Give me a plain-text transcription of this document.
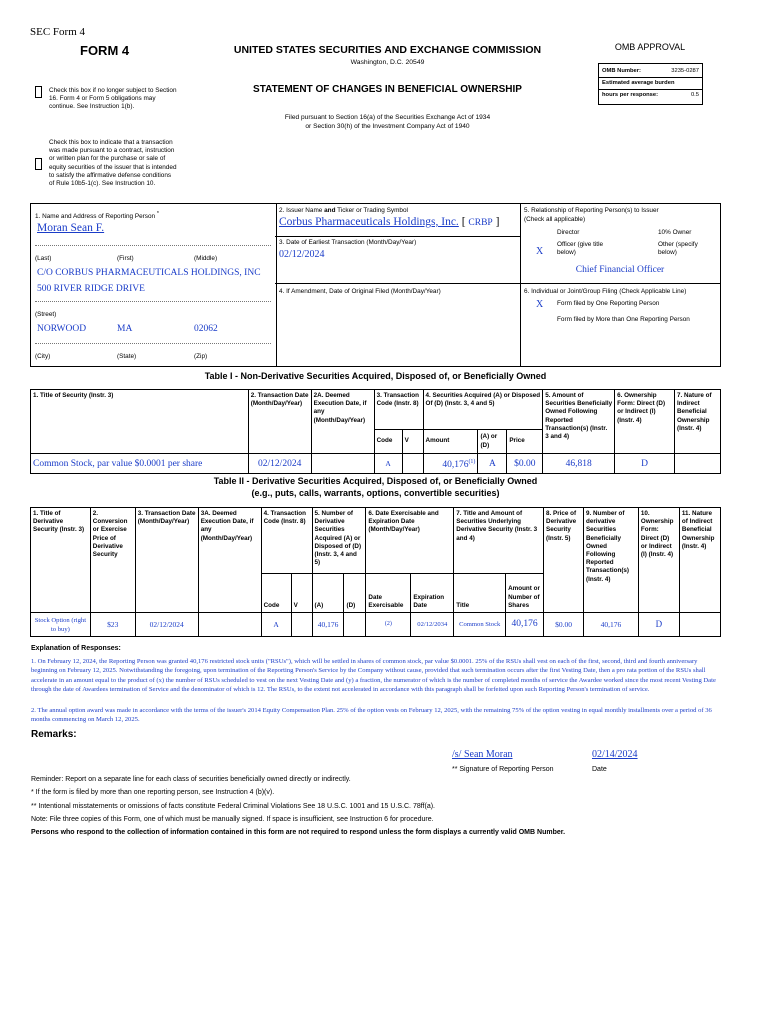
SEC Form 4
FORM 4	UNITED STATES SECURITIES AND EXCHANGE COMMISSION
Washington, D.C. 20549
Check this box if no longer subject to Section 16. Form 4 or Form 5 obligations may continue. See Instruction 1(b).
STATEMENT OF CHANGES IN BENEFICIAL OWNERSHIP
Filed pursuant to Section 16(a) of the Securities Exchange Act of 1934
or Section 30(h) of the Investment Company Act of 1940
OMB APPROVAL
OMB Number:	3235-0287
Estimated average burden
hours per response:	0.5
Check this box to indicate that a transaction was made pursuant to a contract, instruction or written plan for the purchase or sale of equity securities of the issuer that is intended to satisfy the affirmative defense conditions of Rule 10b5-1(c). See Instruction 10.
1. Name and Address of Reporting Person *
Moran Sean F.
(Last)	(First)	(Middle)
C/O CORBUS PHARMACEUTICALS HOLDINGS, INC
500 RIVER RIDGE DRIVE
(Street)
NORWOOD	MA	02062
(City)	(State)	(Zip)
2. Issuer Name and Ticker or Trading Symbol
Corbus Pharmaceuticals Holdings, Inc. [ CRBP ]
3. Date of Earliest Transaction (Month/Day/Year)
02/12/2024
4. If Amendment, Date of Original Filed (Month/Day/Year)
5. Relationship of Reporting Person(s) to Issuer
(Check all applicable)
Director	10% Owner
X
Officer (give title
below)
Other (specify
below)
Chief Financial Officer
6. Individual or Joint/Group Filing (Check Applicable Line)
X Form filed by One Reporting Person
Form filed by More than One Reporting Person
Table I - Non-Derivative Securities Acquired, Disposed of, or Beneficially Owned
1. Title of Security (Instr. 3)	2. Transaction Date (Month/Day/Year)	2A. Deemed Execution Date, if any (Month/Day/Year)	3. Transaction Code (Instr. 8)		4. Securities Acquired (A) or Disposed Of (D) (Instr. 3, 4 and 5)			5. Amount of Securities Beneficially Owned Following Reported Transaction(s) (Instr. 3 and 4)	6. Ownership Form: Direct (D) or Indirect (I) (Instr. 4)	7. Nature of Indirect Beneficial Ownership (Instr. 4)
			Code	V	Amount	(A) or (D)	Price			
Common Stock, par value $0.0001 per share	02/12/2024		A		40,176$^{(1)}$	A	$0.00	46,818	D	
Table II - Derivative Securities Acquired, Disposed of, or Beneficially Owned
(e.g., puts, calls, warrants, options, convertible securities)
1. Title of Derivative Security (Instr. 3)	2. Conversion or Exercise Price of Derivative Security	3. Transaction Date (Month/Day/Year)	3A. Deemed Execution Date, if any (Month/Day/Year)	4. Transaction Code (Instr. 8)		5. Number of Derivative Securities Acquired (A) or Disposed of (D) (Instr. 3, 4 and 5)		6. Date Exercisable and Expiration Date (Month/Day/Year)		7. Title and Amount of Securities Underlying Derivative Security (Instr. 3 and 4)		8. Price of Derivative Security (Instr. 5)	9. Number of derivative Securities Beneficially Owned Following Reported Transaction(s) (Instr. 4)	10. Ownership Form: Direct (D) or Indirect (I) (Instr. 4)	11. Nature of Indirect Beneficial Ownership (Instr. 4)
				Code	V	(A)	(D)	Date Exercisable	Expiration Date	Title	Amount or Number of Shares				
Stock Option (right to buy)	$23	02/12/2024		A		40,176		(2)	02/12/2034	Common Stock	40,176	$0.00	40,176	D	
Explanation of Responses:
1. On February 12, 2024, the Reporting Person was granted 40,176 restricted stock units ("RSUs"), which will be settled in shares of common stock, par value $0.0001. 25% of the RSUs shall vest on each of the first, second, third and fourth anniversary beginning on February 12, 2025. Notwithstanding the foregoing, upon termination of the Reporting Person's Service by the Company without cause, provided that such termination occurs after the first Vesting Date, then a pro rata portion of the RSUs shall accelerate in an amount equal to the product of (x) the number of RSUs scheduled to vest on the next Vesting Date and (y) a fraction, the numerator of which is the number of completed months of service the Awardee worked since the most recent Vesting Date through the date of Awardees termination of Service and the denominator of which is 12. The RSUs, to the extent not accelerated in accordance with this paragraph shall be forfeited upon such Reporting Person's termination of service.
2. The annual option award was made in accordance with the terms of the issuer's 2014 Equity Compensation Plan. 25% of the option vests on February 12, 2025, with the remaining 75% of the option vesting in equal monthly installments over a period of 36 months commencing on March 12, 2025.
Remarks:
/s/ Sean Moran	02/14/2024
** Signature of Reporting Person	Date
Reminder: Report on a separate line for each class of securities beneficially owned directly or indirectly.
* If the form is filed by more than one reporting person, see Instruction 4 (b)(v).
** Intentional misstatements or omissions of facts constitute Federal Criminal Violations See 18 U.S.C. 1001 and 15 U.S.C. 78ff(a).
Note: File three copies of this Form, one of which must be manually signed. If space is insufficient, see Instruction 6 for procedure.
Persons who respond to the collection of information contained in this form are not required to respond unless the form displays a currently valid OMB Number.
